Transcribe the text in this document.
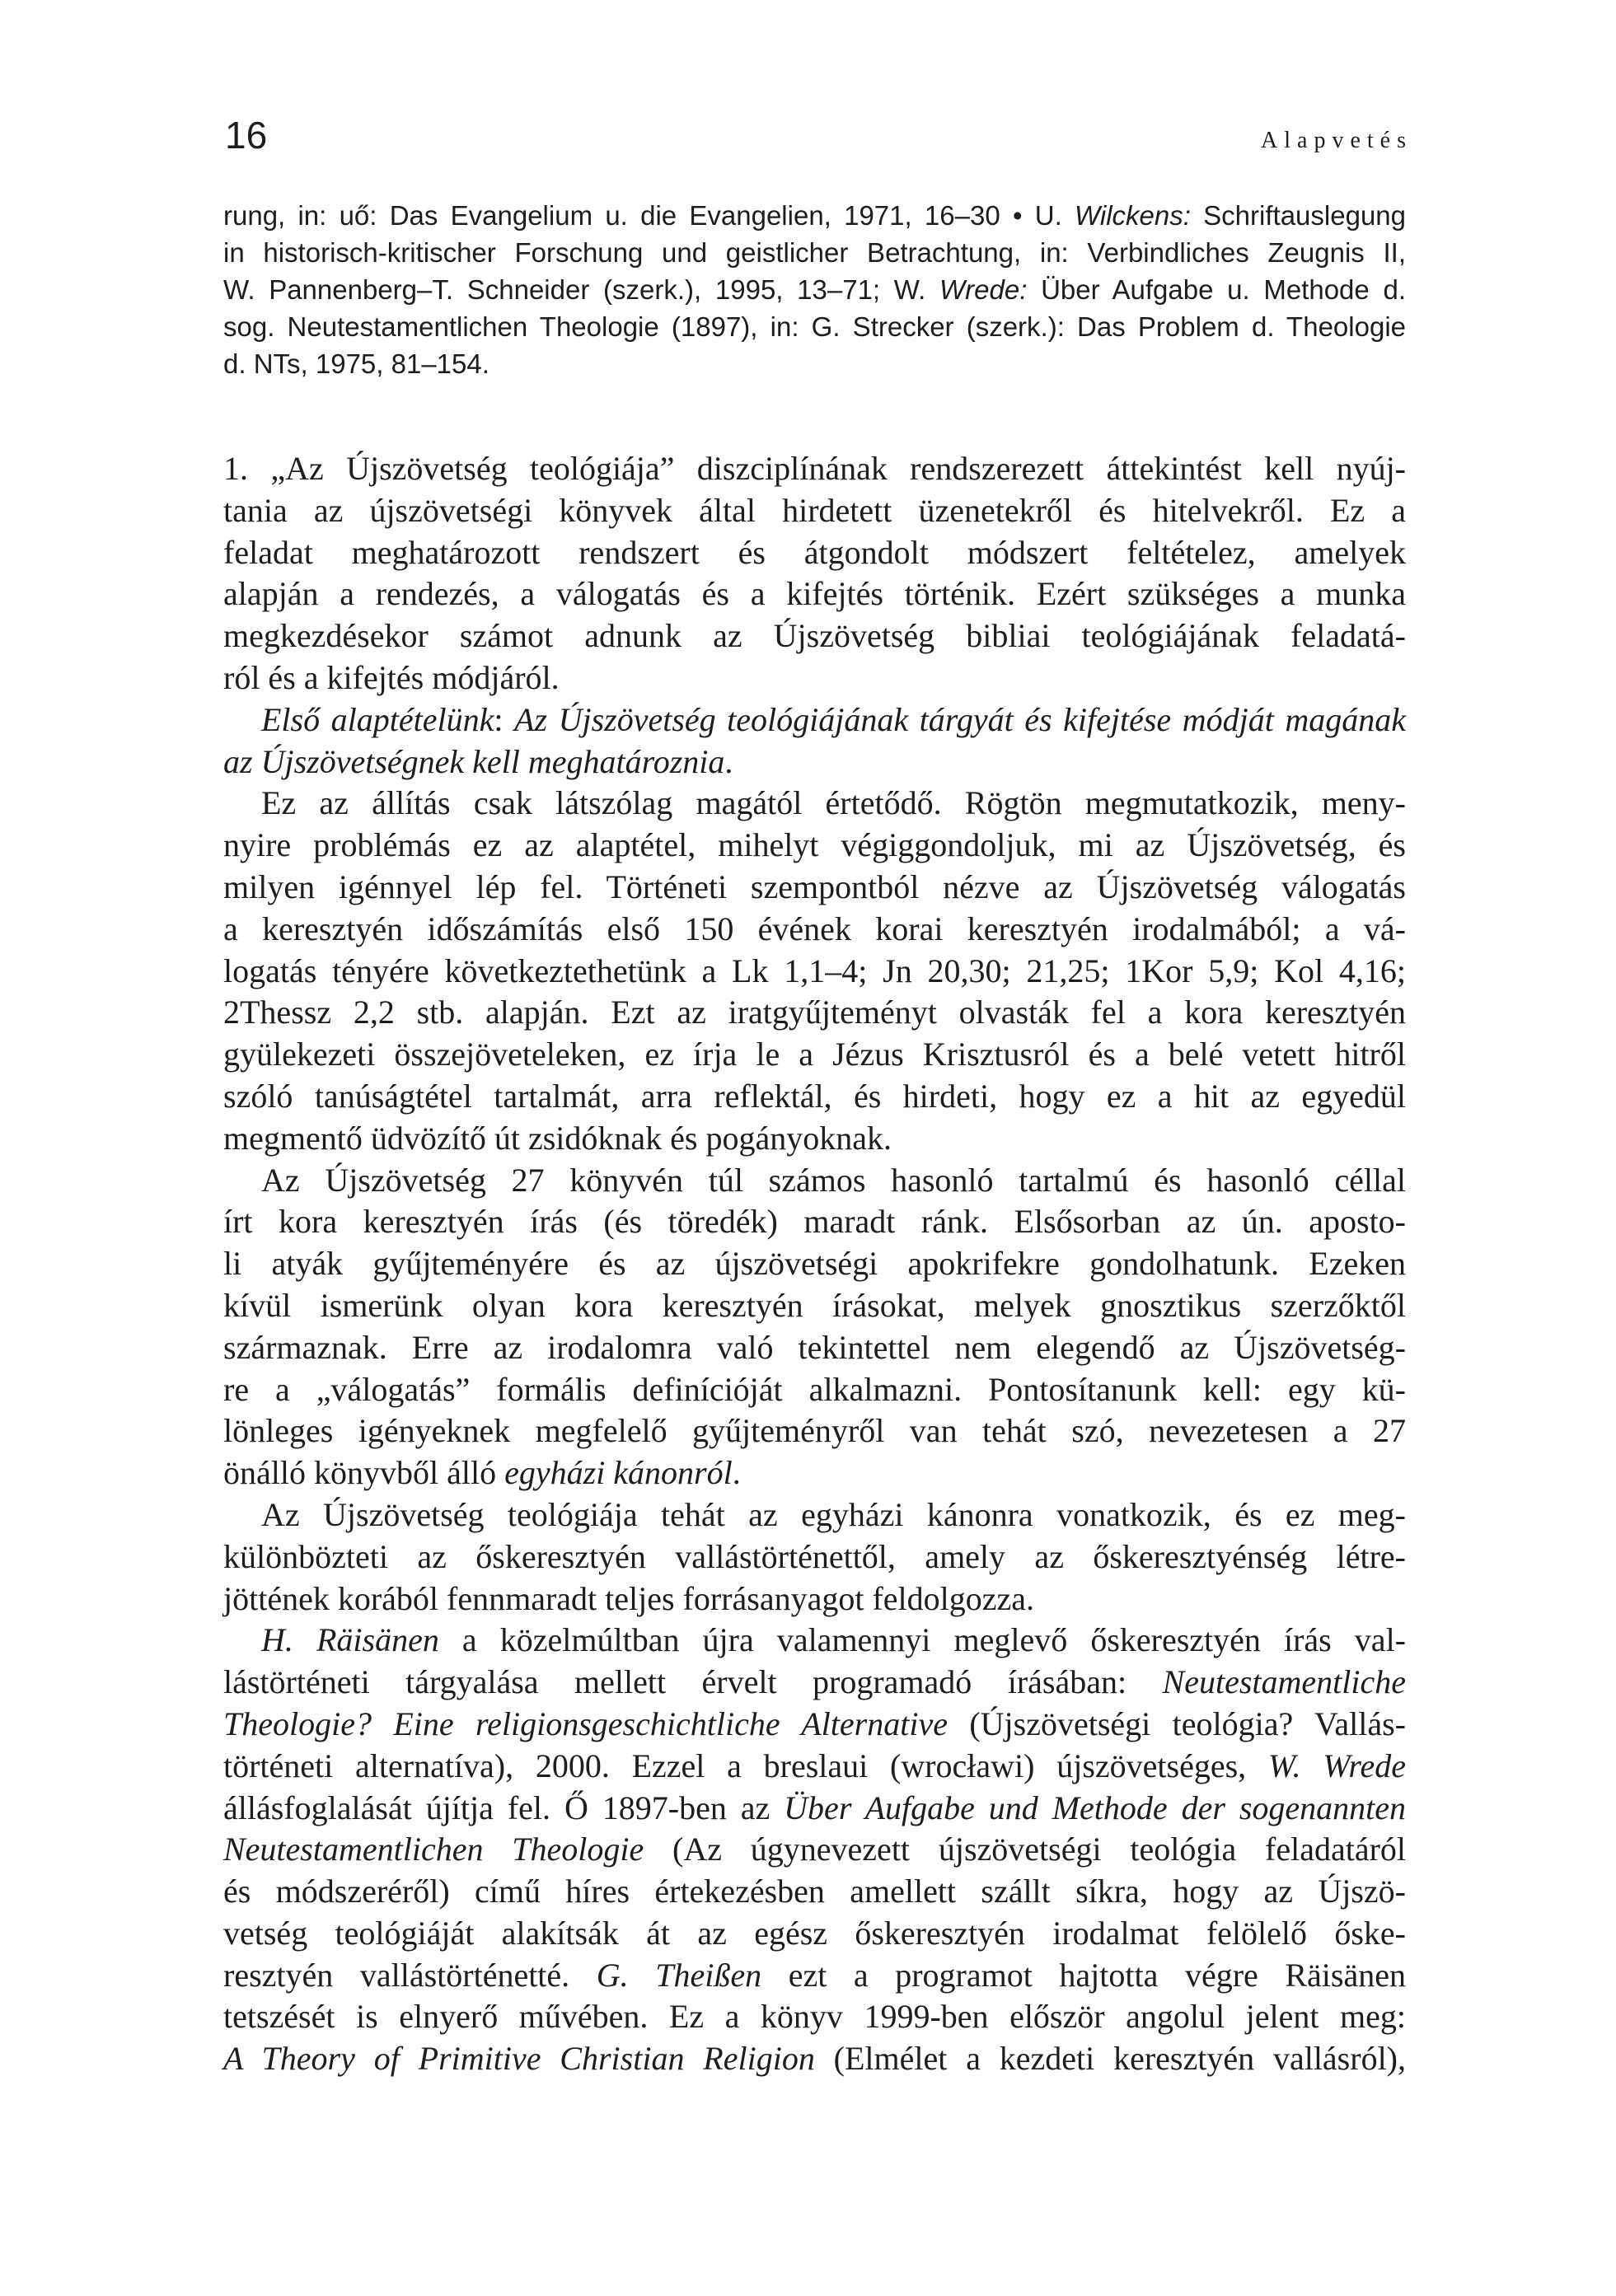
16	Alapvetés
rung, in: uő: Das Evangelium u. die Evangelien, 1971, 16–30 • U. Wilckens: Schriftauslegung
in historisch-kritischer Forschung und geistlicher Betrachtung, in: Verbindliches Zeugnis II,
W. Pannenberg–T. Schneider (szerk.), 1995, 13–71; W. Wrede: Über Aufgabe u. Methode d.
sog. Neutestamentlichen Theologie (1897), in: G. Strecker (szerk.): Das Problem d. Theologie
d. NTs, 1975, 81–154.
1. „Az Újszövetség teológiája” diszciplínának rendszerezett áttekintést kell nyúj-
tania az újszövetségi könyvek által hirdetett üzenetekről és hitelvekről. Ez a
feladat meghatározott rendszert és átgondolt módszert feltételez, amelyek
alapján a rendezés, a válogatás és a kifejtés történik. Ezért szükséges a munka
megkezdésekor számot adnunk az Újszövetség bibliai teológiájának feladatá-
ról és a kifejtés módjáról.
Első alaptételünk: Az Újszövetség teológiájának tárgyát és kifejtése módját magának
az Újszövetségnek kell meghatároznia.
Ez az állítás csak látszólag magától értetődő. Rögtön megmutatkozik, meny-
nyire problémás ez az alaptétel, mihelyt végiggondoljuk, mi az Újszövetség, és
milyen igénnyel lép fel. Történeti szempontból nézve az Újszövetség válogatás
a keresztyén időszámítás első 150 évének korai keresztyén irodalmából; a vá-
logatás tényére következtethetünk a Lk 1,1–4; Jn 20,30; 21,25; 1Kor 5,9; Kol 4,16;
2Thessz 2,2 stb. alapján. Ezt az iratgyűjteményt olvasták fel a kora keresztyén
gyülekezeti összejöveteleken, ez írja le a Jézus Krisztusról és a belé vetett hitről
szóló tanúságtétel tartalmát, arra reflektál, és hirdeti, hogy ez a hit az egyedül
megmentő üdvözítő út zsidóknak és pogányoknak.
Az Újszövetség 27 könyvén túl számos hasonló tartalmú és hasonló céllal
írt kora keresztyén írás (és töredék) maradt ránk. Elsősorban az ún. aposto-
li atyák gyűjteményére és az újszövetségi apokrifekre gondolhatunk. Ezeken
kívül ismerünk olyan kora keresztyén írásokat, melyek gnosztikus szerzőktől
származnak. Erre az irodalomra való tekintettel nem elegendő az Újszövetség-
re a „válogatás” formális definícióját alkalmazni. Pontosítanunk kell: egy kü-
lönleges igényeknek megfelelő gyűjteményről van tehát szó, nevezetesen a 27
önálló könyvből álló egyházi kánonról.
Az Újszövetség teológiája tehát az egyházi kánonra vonatkozik, és ez meg-
különbözteti az őskeresztyén vallástörténettől, amely az őskeresztyénség létre-
jöttének korából fennmaradt teljes forrásanyagot feldolgozza.
H. Räisänen a közelmúltban újra valamennyi meglevő őskeresztyén írás val-
lástörténeti tárgyalása mellett érvelt programadó írásában: Neutestamentliche
Theologie? Eine religionsgeschichtliche Alternative (Újszövetségi teológia? Vallás-
történeti alternatíva), 2000. Ezzel a breslaui (wrocławi) újszövetséges, W. Wrede
állásfoglalását újítja fel. Ő 1897-ben az Über Aufgabe und Methode der sogenannten
Neutestamentlichen Theologie (Az úgynevezett újszövetségi teológia feladatáról
és módszeréről) című híres értekezésben amellett szállt síkra, hogy az Újszö-
vetség teológiáját alakítsák át az egész őskeresztyén irodalmat felölelő őske-
resztyén vallástörténetté. G. Theißen ezt a programot hajtotta végre Räisänen
tetszését is elnyerő művében. Ez a könyv 1999-ben először angolul jelent meg:
A Theory of Primitive Christian Religion (Elmélet a kezdeti keresztyén vallásról),
